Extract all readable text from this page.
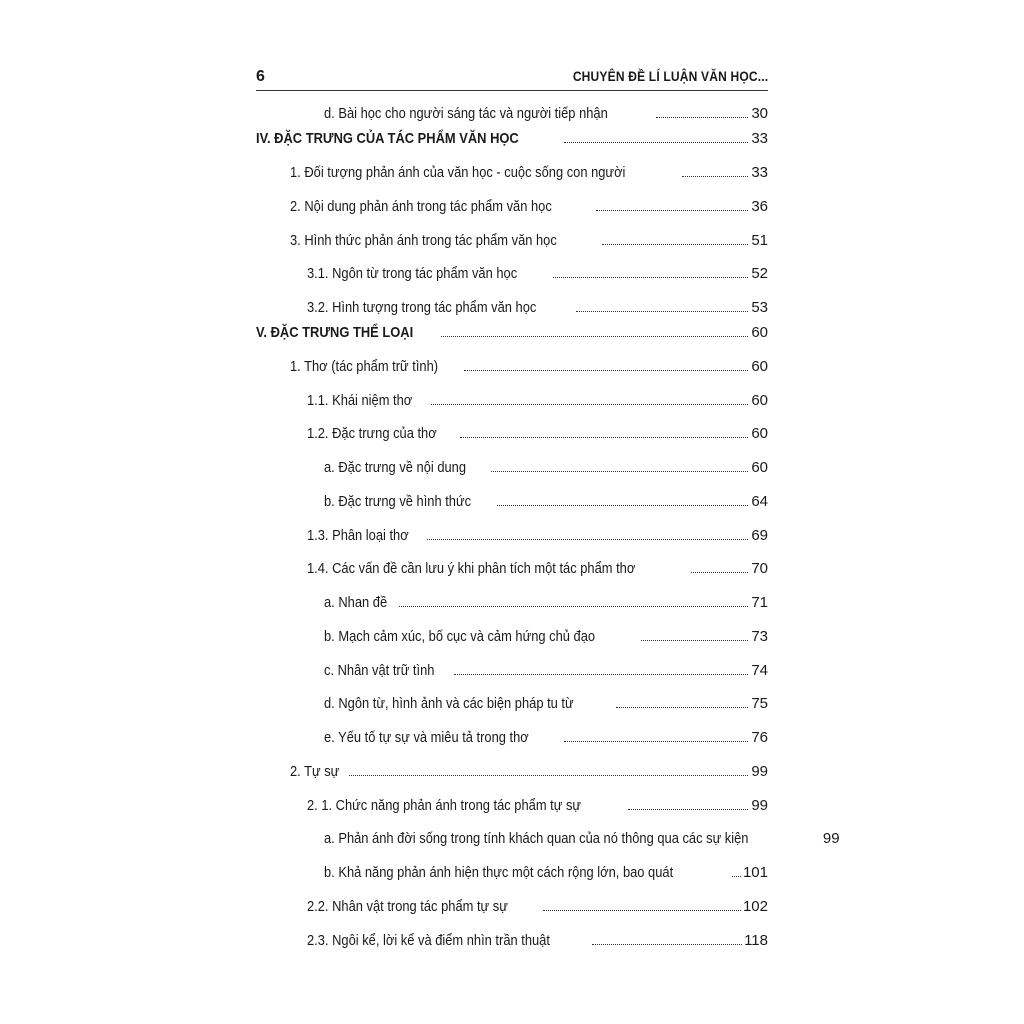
6	CHUYÊN ĐỀ LÍ LUẬN VĂN HỌC...
d. Bài học cho người sáng tác và người tiếp nhận	30
IV. ĐẶC TRƯNG CỦA TÁC PHẨM VĂN HỌC	33
1. Đối tượng phản ánh của văn học - cuộc sống con người	33
2. Nội dung phản ánh trong tác phẩm văn học	36
3. Hình thức phản ánh trong tác phẩm văn học	51
3.1. Ngôn từ trong tác phẩm văn học	52
3.2. Hình tượng trong tác phẩm văn học	53
V. ĐẶC TRƯNG THỂ LOẠI	60
1. Thơ (tác phẩm trữ tình)	60
1.1. Khái niệm thơ	60
1.2. Đặc trưng của thơ	60
a. Đặc trưng về nội dung	60
b. Đặc trưng về hình thức	64
1.3. Phân loại thơ	69
1.4. Các vấn đề cần lưu ý khi phân tích một tác phẩm thơ	70
a. Nhan đề	71
b. Mạch cảm xúc, bố cục và cảm hứng chủ đạo	73
c. Nhân vật trữ tình	74
d. Ngôn từ, hình ảnh và các biện pháp tu từ	75
e. Yếu tố tự sự và miêu tả trong thơ	76
2. Tự sự	99
2. 1. Chức năng phản ánh trong tác phẩm tự sự	99
a. Phản ánh đời sống trong tính khách quan của nó thông qua các sự kiện	99
b. Khả năng phản ánh hiện thực một cách rộng lớn, bao quát	101
2.2. Nhân vật trong tác phẩm tự sự	102
2.3. Ngôi kể, lời kể và điểm nhìn trần thuật	118
